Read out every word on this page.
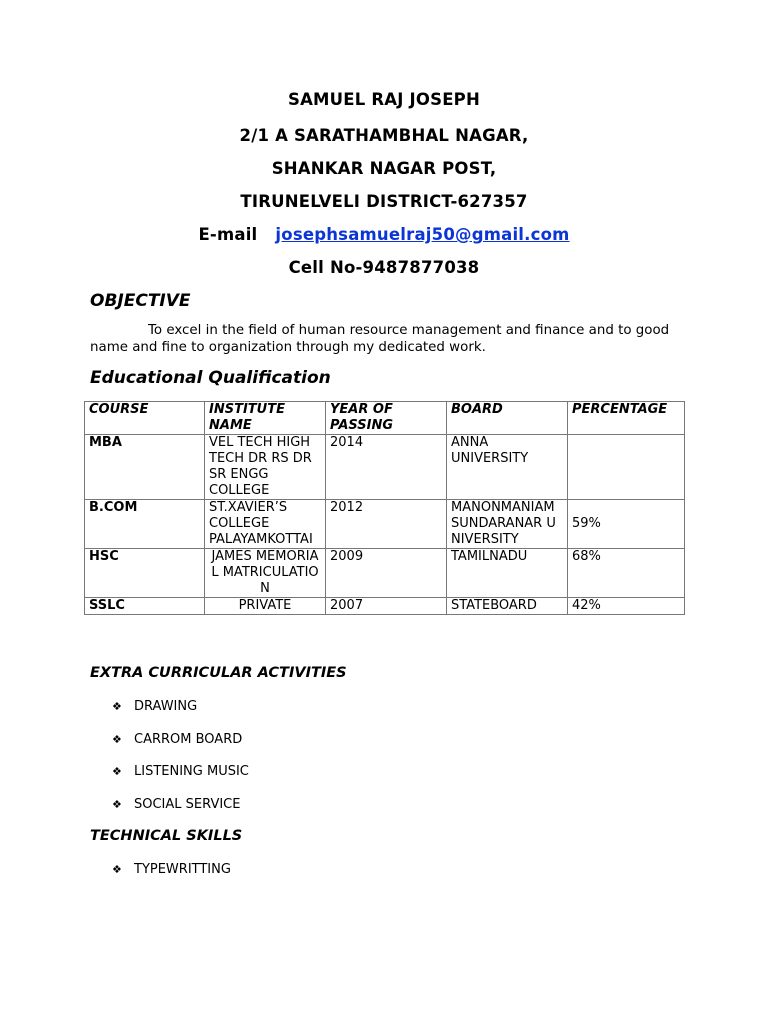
SAMUEL RAJ JOSEPH
2/1 A SARATHAMBHAL NAGAR,
SHANKAR NAGAR POST,
TIRUNELVELI DISTRICT-627357
E-mail josephsamuelraj50@gmail.com
Cell No-9487877038
OBJECTIVE
To excel in the field of human resource management and finance and to good name and fine to organization through my dedicated work.
Educational Qualification
COURSE	INSTITUTE NAME	YEAR OF PASSING	BOARD	PERCENTAGE
MBA	VEL TECH HIGH TECH DR RS DR SR ENGG COLLEGE	2014	ANNA UNIVERSITY	
B.COM	ST.XAVIER’S COLLEGE PALAYAMKOTTAI	2012	MANONMANIAM SUNDARANAR UNIVERSITY	59%
HSC	JAMES MEMORIAL MATRICULATION	2009	TAMILNADU	68%
SSLC	PRIVATE	2007	STATEBOARD	42%
EXTRA CURRICULAR ACTIVITIES
❖ DRAWING
❖ CARROM BOARD
❖ LISTENING MUSIC
❖ SOCIAL SERVICE
TECHNICAL SKILLS
❖ TYPEWRITTING
